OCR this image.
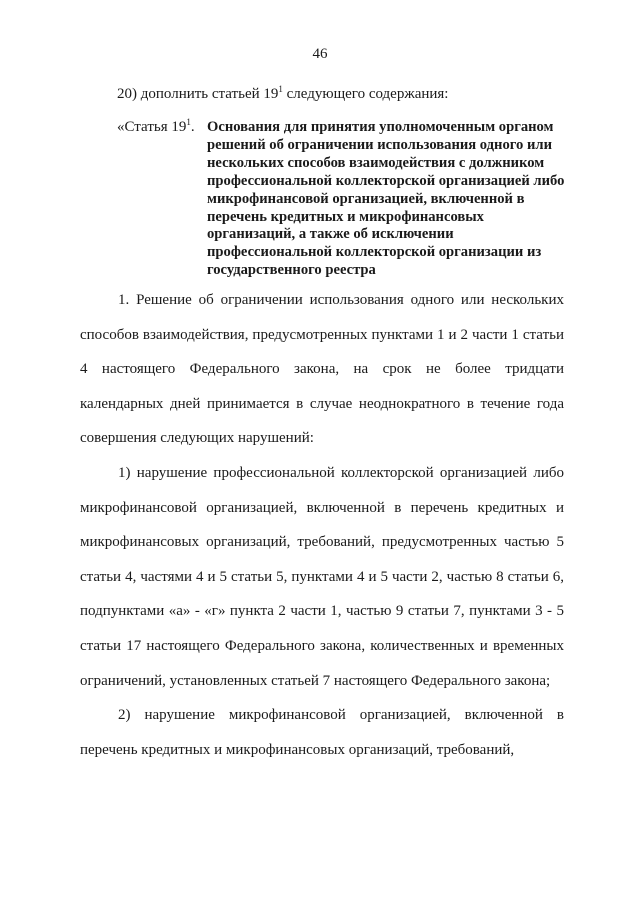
46
20) дополнить статьей $19^1$ следующего содержания:
«Статья $19^1$. Основания для принятия уполномоченным органом решений об ограничении использования одного или нескольких способов взаимодействия с должником профессиональной коллекторской организацией либо микрофинансовой организацией, включенной в перечень кредитных и микрофинансовых организаций, а также об исключении профессиональной коллекторской организации из государственного реестра

1. Решение об ограничении использования одного или нескольких способов взаимодействия, предусмотренных пунктами 1 и 2 части 1 статьи 4 настоящего Федерального закона, на срок не более тридцати календарных дней принимается в случае неоднократного в течение года совершения следующих нарушений:

1) нарушение профессиональной коллекторской организацией либо микрофинансовой организацией, включенной в перечень кредитных и микрофинансовых организаций, требований, предусмотренных частью 5 статьи 4, частями 4 и 5 статьи 5, пунктами 4 и 5 части 2, частью 8 статьи 6, подпунктами «а» - «г» пункта 2 части 1, частью 9 статьи 7, пунктами 3 - 5 статьи 17 настоящего Федерального закона, количественных и временных ограничений, установленных статьей 7 настоящего Федерального закона;

2) нарушение микрофинансовой организацией, включенной в перечень кредитных и микрофинансовых организаций, требований,
